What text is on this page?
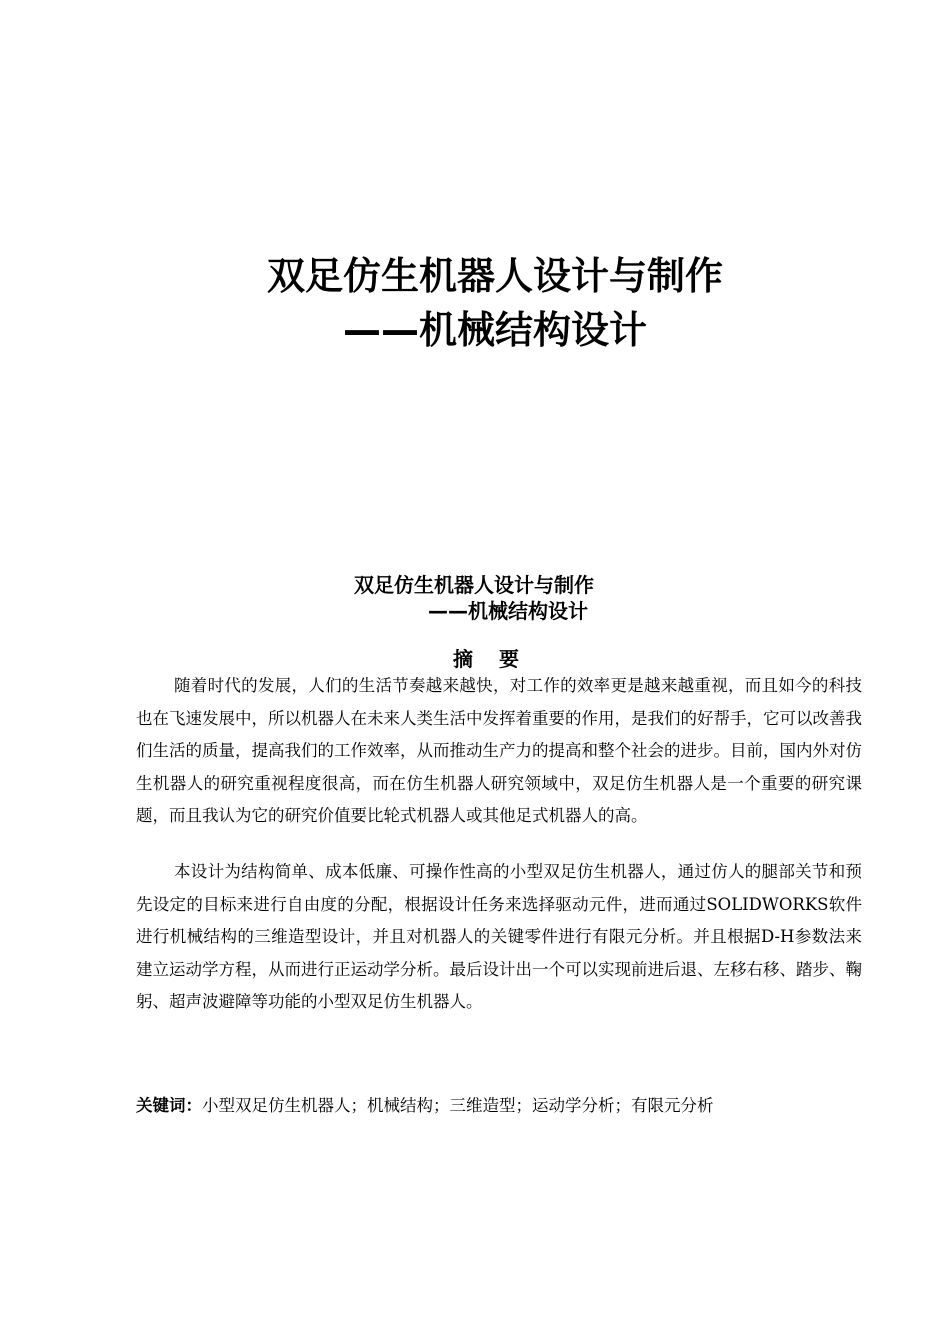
双足仿生机器人设计与制作
——机械结构设计
双足仿生机器人设计与制作
——机械结构设计
摘要

随着时代的发展，人们的生活节奏越来越快，对工作的效率更是越来越重视，而且如今的科技也在飞速发展中，所以机器人在未来人类生活中发挥着重要的作用，是我们的好帮手，它可以改善我们生活的质量，提高我们的工作效率，从而推动生产力的提高和整个社会的进步。目前，国内外对仿生机器人的研究重视程度很高，而在仿生机器人研究领域中，双足仿生机器人是一个重要的研究课题，而且我认为它的研究价值要比轮式机器人或其他足式机器人的高。

本设计为结构简单、成本低廉、可操作性高的小型双足仿生机器人，通过仿人的腿部关节和预先设定的目标来进行自由度的分配，根据设计任务来选择驱动元件，进而通过SOLIDWORKS软件进行机械结构的三维造型设计，并且对机器人的关键零件进行有限元分析。并且根据D-H参数法来建立运动学方程，从而进行正运动学分析。最后设计出一个可以实现前进后退、左移右移、踏步、鞠躬、超声波避障等功能的小型双足仿生机器人。

关键词：小型双足仿生机器人；机械结构；三维造型；运动学分析；有限元分析
